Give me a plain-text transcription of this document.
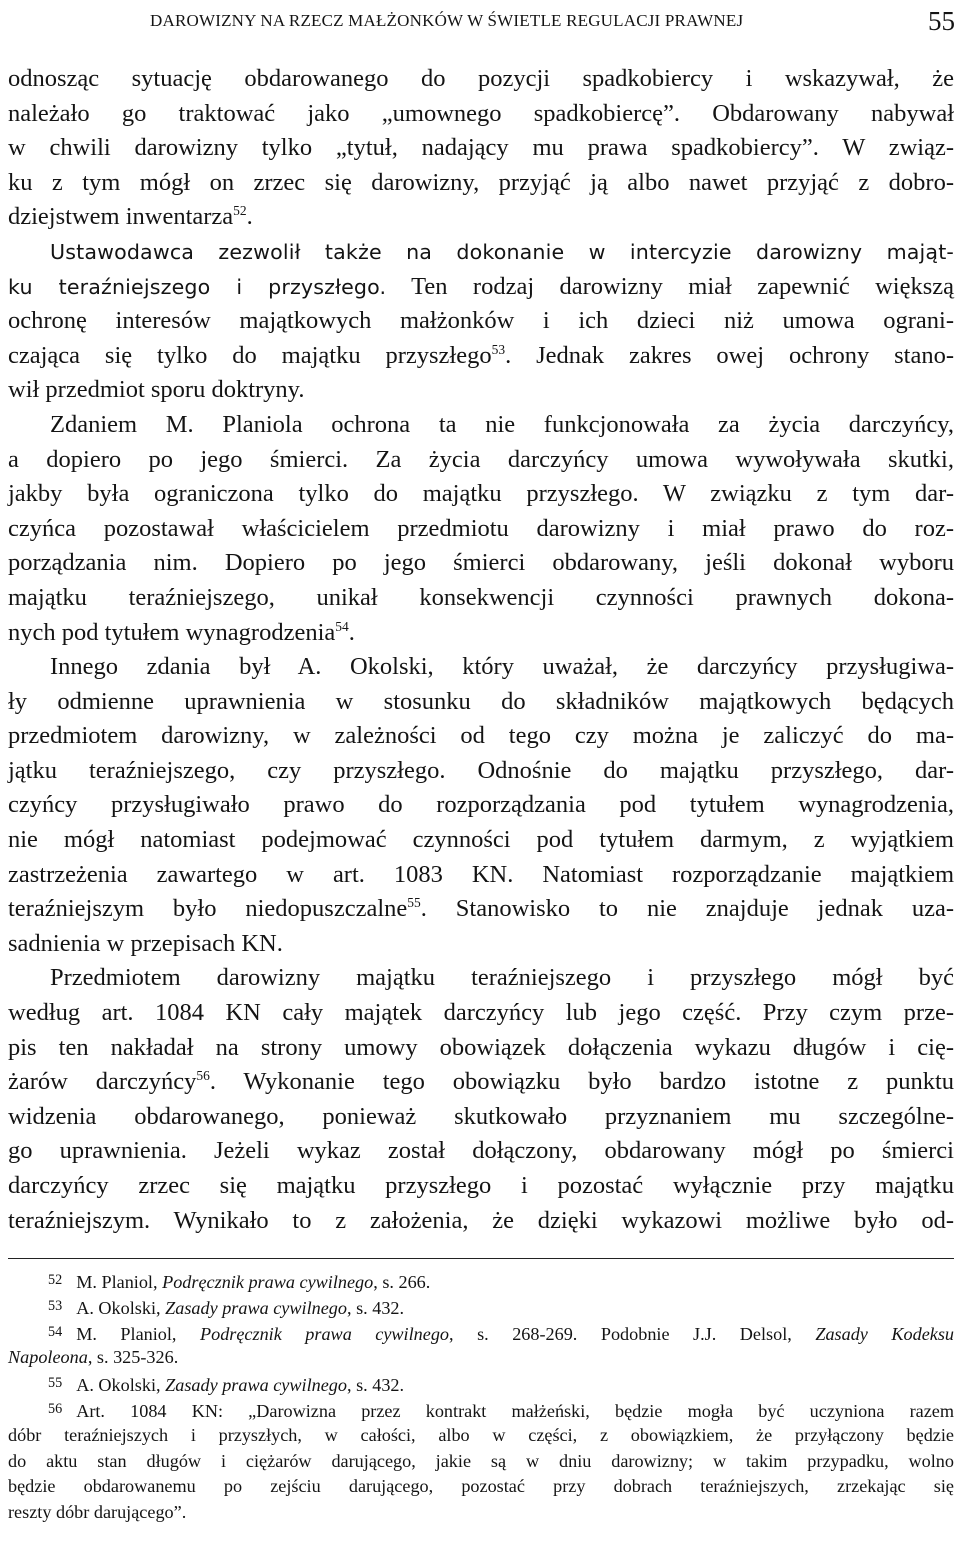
DAROWIZNY NA RZECZ MAŁŻONKÓW W ŚWIETLE REGULACJI PRAWNEJ	55
odnosząc sytuację obdarowanego do pozycji spadkobiercy i wskazywał, że
należało go traktować jako „umownego spadkobiercę”. Obdarowany nabywał
w chwili darowizny tylko „tytuł, nadający mu prawa spadkobiercy”. W związ-
ku z tym mógł on zrzec się darowizny, przyjąć ją albo nawet przyjąć z dobro-
dziejstwem inwentarza$^{52}$.
Ustawodawca zezwolił także na dokonanie w intercyzie darowizny mająt-
ku teraźniejszego i przyszłego. Ten rodzaj darowizny miał zapewnić większą
ochronę interesów majątkowych małżonków i ich dzieci niż umowa ograni-
czająca się tylko do majątku przyszłego$^{53}$. Jednak zakres owej ochrony stano-
wił przedmiot sporu doktryny.
Zdaniem M. Planiola ochrona ta nie funkcjonowała za życia darczyńcy,
a dopiero po jego śmierci. Za życia darczyńcy umowa wywoływała skutki,
jakby była ograniczona tylko do majątku przyszłego. W związku z tym dar-
czyńca pozostawał właścicielem przedmiotu darowizny i miał prawo do roz-
porządzania nim. Dopiero po jego śmierci obdarowany, jeśli dokonał wyboru
majątku teraźniejszego, unikał konsekwencji czynności prawnych dokona-
nych pod tytułem wynagrodzenia$^{54}$.
Innego zdania był A. Okolski, który uważał, że darczyńcy przysługiwa-
ły odmienne uprawnienia w stosunku do składników majątkowych będących
przedmiotem darowizny, w zależności od tego czy można je zaliczyć do ma-
jątku teraźniejszego, czy przyszłego. Odnośnie do majątku przyszłego, dar-
czyńcy przysługiwało prawo do rozporządzania pod tytułem wynagrodzenia,
nie mógł natomiast podejmować czynności pod tytułem darmym, z wyjątkiem
zastrzeżenia zawartego w art. 1083 KN. Natomiast rozporządzanie majątkiem
teraźniejszym było niedopuszczalne$^{55}$. Stanowisko to nie znajduje jednak uza-
sadnienia w przepisach KN.
Przedmiotem darowizny majątku teraźniejszego i przyszłego mógł być
według art. 1084 KN cały majątek darczyńcy lub jego część. Przy czym prze-
pis ten nakładał na strony umowy obowiązek dołączenia wykazu długów i cię-
żarów darczyńcy$^{56}$. Wykonanie tego obowiązku było bardzo istotne z punktu
widzenia obdarowanego, ponieważ skutkowało przyznaniem mu szczególne-
go uprawnienia. Jeżeli wykaz został dołączony, obdarowany mógł po śmierci
darczyńcy zrzec się majątku przyszłego i pozostać wyłącznie przy majątku
teraźniejszym. Wynikało to z założenia, że dzięki wykazowi możliwe było od-
$^{52}$ M. Planiol, Podręcznik prawa cywilnego, s. 266.
$^{53}$ A. Okolski, Zasady prawa cywilnego, s. 432.
$^{54}$ M. Planiol, Podręcznik prawa cywilnego, s. 268-269. Podobnie J.J. Delsol, Zasady Kodeksu
Napoleona, s. 325-326.
$^{55}$ A. Okolski, Zasady prawa cywilnego, s. 432.
$^{56}$ Art. 1084 KN: „Darowizna przez kontrakt małżeński, będzie mogła być uczyniona razem
dóbr teraźniejszych i przyszłych, w całości, albo w części, z obowiązkiem, że przyłączony będzie
do aktu stan długów i ciężarów darującego, jakie są w dniu darowizny; w takim przypadku, wolno
będzie obdarowanemu po zejściu darującego, pozostać przy dobrach teraźniejszych, zrzekając się
reszty dóbr darującego”.
